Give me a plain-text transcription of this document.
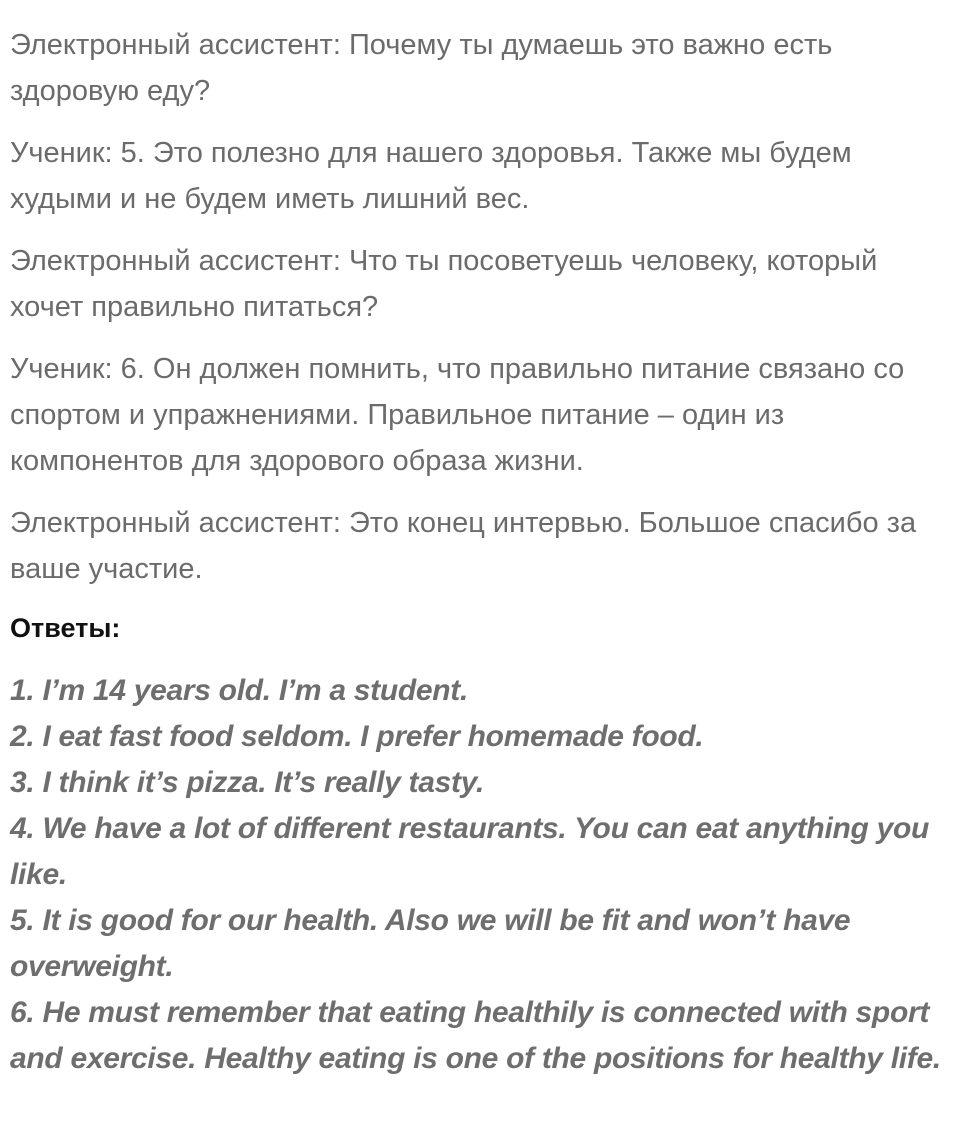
Электронный ассистент: Почему ты думаешь это важно есть здоровую еду?

Ученик: 5. Это полезно для нашего здоровья. Также мы будем худыми и не будем иметь лишний вес.

Электронный ассистент: Что ты посоветуешь человеку, который хочет правильно питаться?

Ученик: 6. Он должен помнить, что правильно питание связано со спортом и упражнениями. Правильное питание – один из компонентов для здорового образа жизни.

Электронный ассистент: Это конец интервью. Большое спасибо за ваше участие.

Ответы:
1. I’m 14 years old. I’m a student.
2. I eat fast food seldom. I prefer homemade food.
3. I think it’s pizza. It’s really tasty.
4. We have a lot of different restaurants. You can eat anything you like.
5. It is good for our health. Also we will be fit and won’t have overweight.
6. He must remember that eating healthily is connected with sport and exercise. Healthy eating is one of the positions for healthy life.
